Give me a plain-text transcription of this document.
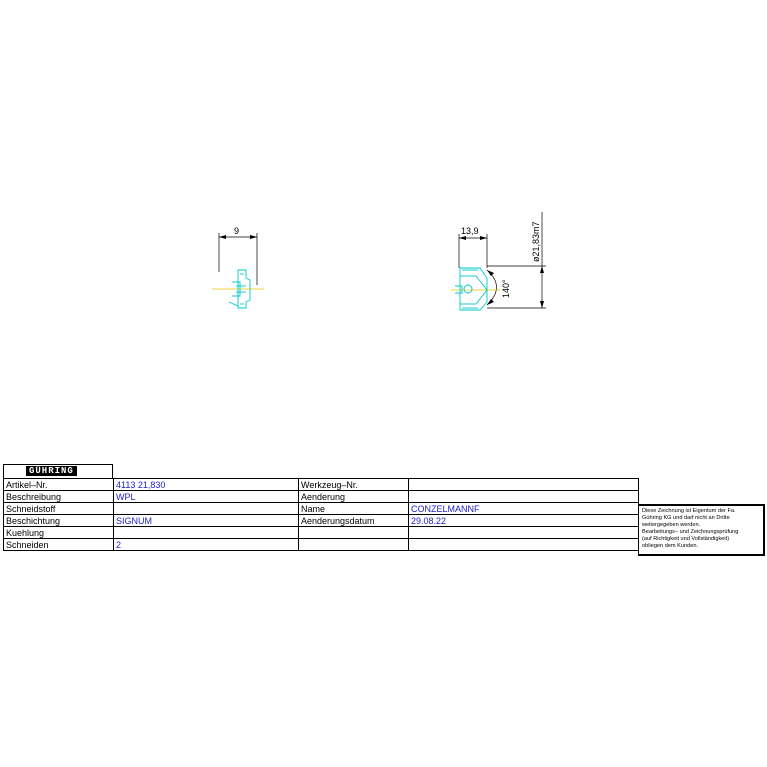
9	13,9	ø21,83m7
140°
GÜHRING
Artikel–Nr.	4113 21,830	Werkzeug–Nr.	
Beschreibung	WPL	Aenderung	
Schneidstoff		Name	CONZELMANNF
Beschichtung	SIGNUM	Aenderungsdatum	29.08.22
Kuehlung			
Schneiden	2		
Diese Zeichnung ist Eigentum der Fa.
Gühring KG und darf nicht an Dritte
weitergegeben werden.
Bearbeitungs– und Zeichnungsprüfung
(auf Richtigkeit und Vollständigkeit)
obliegen dem Kunden.
